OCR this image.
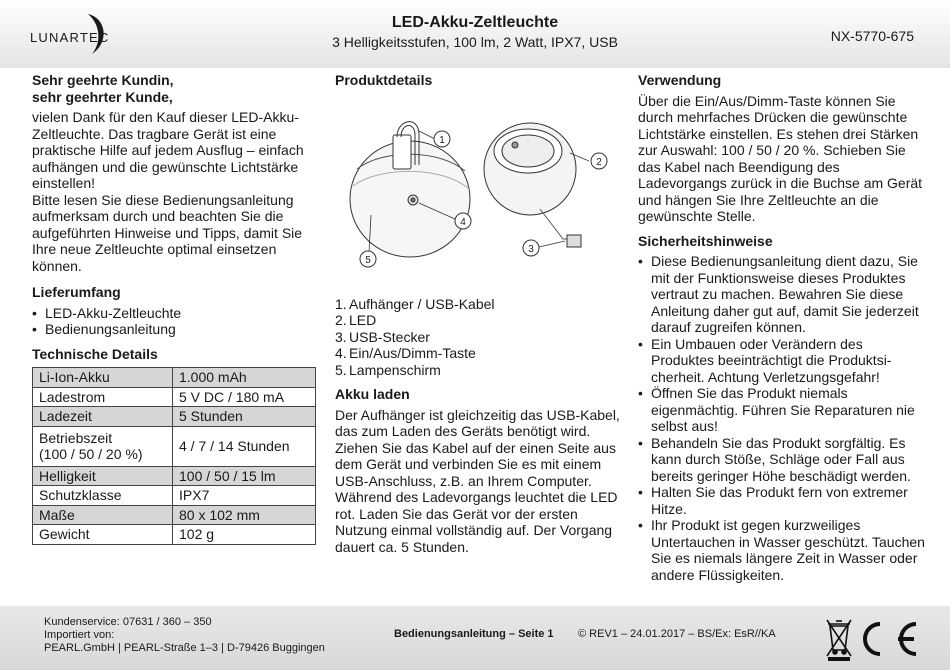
LUNARTEC
LED-Akku-Zeltleuchte
3 Helligkeitsstufen, 100 lm, 2 Watt, IPX7, USB	NX-5770-675
Sehr geehrte Kundin,
sehr geehrter Kunde,

vielen Dank für den Kauf dieser LED-Akku-Zeltleuchte. Das tragbare Gerät ist eine praktische Hilfe auf jedem Ausflug – einfach aufhängen und die gewünschte Lichtstärke einstellen!

Bitte lesen Sie diese Bedienungsanleitung aufmerksam durch und beachten Sie die aufgeführten Hinweise und Tipps, damit Sie Ihre neue Zeltleuchte optimal einsetzen können.

Lieferumfang
• LED-Akku-Zeltleuchte
• Bedienungsanleitung
Technische Details
Li-Ion-Akku	1.000 mAh
Ladestrom	5 V DC / 180 mA
Ladezeit	5 Stunden
Betriebszeit
(100 / 50 / 20 %)	4 / 7 / 14 Stunden
Helligkeit	100 / 50 / 15 lm
Schutzklasse	IPX7
Maße	80 x 102 mm
Gewicht	102 g
Produktdetails
1
2
3
4
5
1. Aufhänger / USB-Kabel
2. LED
3. USB-Stecker
4. Ein/Aus/Dimm-Taste
5. Lampenschirm
Akku laden

Der Aufhänger ist gleichzeitig das USB-Kabel, das zum Laden des Geräts benötigt wird. Ziehen Sie das Kabel auf der einen Seite aus dem Gerät und verbinden Sie es mit einem USB-Anschluss, z.B. an Ihrem Computer. Während des Ladevorgangs leuchtet die LED rot. Laden Sie das Gerät vor der ersten Nutzung einmal vollständig auf. Der Vorgang dauert ca. 5 Stunden.

Verwendung

Über die Ein/Aus/Dimm-Taste können Sie durch mehrfaches Drücken die gewünschte Lichtstärke einstellen. Es stehen drei Stärken zur Auswahl: 100 / 50 / 20 %. Schieben Sie das Kabel nach Beendigung des Ladevorgangs zurück in die Buchse am Gerät und hängen Sie Ihre Zeltleuchte an die gewünschte Stelle.

Sicherheitshinweise
• Diese Bedienungsanleitung dient dazu, Sie mit der Funktionsweise dieses Produktes vertraut zu machen. Bewahren Sie diese Anleitung daher gut auf, damit Sie jederzeit darauf zugreifen können.
• Ein Umbauen oder Verändern des Produktes beeinträchtigt die Produktsi-cherheit. Achtung Verletzungsgefahr!
• Öffnen Sie das Produkt niemals eigenmächtig. Führen Sie Reparaturen nie selbst aus!
• Behandeln Sie das Produkt sorgfältig. Es kann durch Stöße, Schläge oder Fall aus bereits geringer Höhe beschädigt werden.
• Halten Sie das Produkt fern von extremer Hitze.
• Ihr Produkt ist gegen kurzweiliges Untertauchen in Wasser geschützt. Tauchen Sie es niemals längere Zeit in Wasser oder andere Flüssigkeiten.
Kundenservice: 07631 / 360 – 350
Importiert von:
PEARL.GmbH | PEARL-Straße 1–3 | D-79426 Buggingen
Bedienungsanleitung – Seite 1 © REV1 – 24.01.2017 – BS/Ex: EsR//KA
